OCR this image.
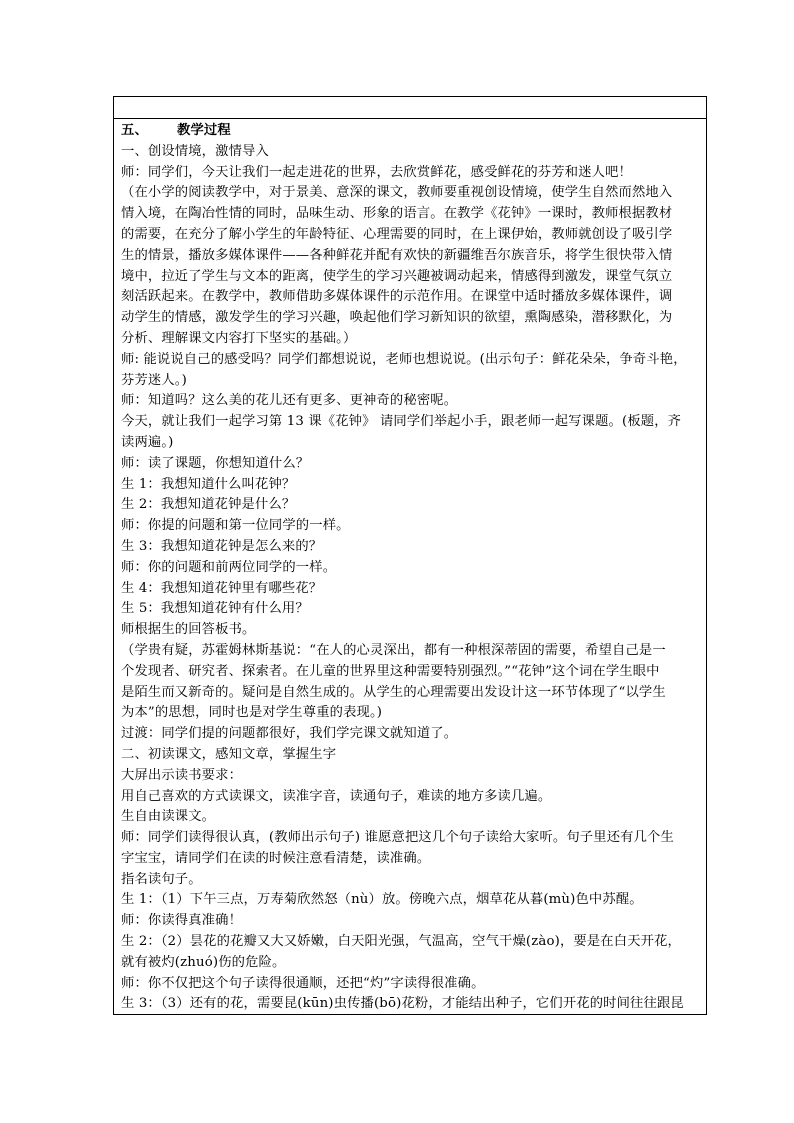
五、	教学过程
一、创设情境，激情导入
师：同学们，今天让我们一起走进花的世界，去欣赏鲜花，感受鲜花的芬芳和迷人吧！
（在小学的阅读教学中，对于景美、意深的课文，教师要重视创设情境，使学生自然而然地入
情入境，在陶冶性情的同时，品味生动、形象的语言。在教学《花钟》一课时，教师根据教材
的需要，在充分了解小学生的年龄特征、心理需要的同时，在上课伊始，教师就创设了吸引学
生的情景，播放多媒体课件——各种鲜花并配有欢快的新疆维吾尔族音乐，将学生很快带入情
境中，拉近了学生与文本的距离，使学生的学习兴趣被调动起来，情感得到激发，课堂气氛立
刻活跃起来。在教学中，教师借助多媒体课件的示范作用。在课堂中适时播放多媒体课件，调
动学生的情感，激发学生的学习兴趣，唤起他们学习新知识的欲望，熏陶感染，潜移默化，为
分析、理解课文内容打下坚实的基础。）
师: 能说说自己的感受吗？同学们都想说说，老师也想说说。(出示句子：鲜花朵朵，争奇斗艳，
芬芳迷人。)
师：知道吗？这么美的花儿还有更多、更神奇的秘密呢。
今天，就让我们一起学习第 13 课《花钟》 请同学们举起小手，跟老师一起写课题。(板题，齐
读两遍。)
师：读了课题，你想知道什么？
生 1：我想知道什么叫花钟？
生 2：我想知道花钟是什么？
师：你提的问题和第一位同学的一样。
生 3：我想知道花钟是怎么来的？
师：你的问题和前两位同学的一样。
生 4：我想知道花钟里有哪些花？
生 5：我想知道花钟有什么用？
师根据生的回答板书。
（学贵有疑，苏霍姆林斯基说：“在人的心灵深出，都有一种根深蒂固的需要，希望自己是一
个发现者、研究者、探索者。在儿童的世界里这种需要特别强烈。”“花钟”这个词在学生眼中
是陌生而又新奇的。疑问是自然生成的。从学生的心理需要出发设计这一环节体现了“以学生
为本”的思想，同时也是对学生尊重的表现。)
过渡：同学们提的问题都很好，我们学完课文就知道了。
二、初读课文，感知文章，掌握生字
大屏出示读书要求：
用自己喜欢的方式读课文，读准字音，读通句子，难读的地方多读几遍。
生自由读课文。
师：同学们读得很认真，(教师出示句子) 谁愿意把这几个句子读给大家听。句子里还有几个生
字宝宝，请同学们在读的时候注意看清楚，读准确。
指名读句子。
生 1：（1）下午三点，万寿菊欣然怒（nù）放。傍晚六点，烟草花从暮(mù)色中苏醒。
师：你读得真准确！
生 2：（2）昙花的花瓣又大又娇嫩，白天阳光强，气温高，空气干燥(zào)，要是在白天开花，
就有被灼(zhuó)伤的危险。
师：你不仅把这个句子读得很通顺，还把“灼”字读得很准确。
生 3：（3）还有的花，需要昆(kūn)虫传播(bō)花粉，才能结出种子，它们开花的时间往往跟昆
